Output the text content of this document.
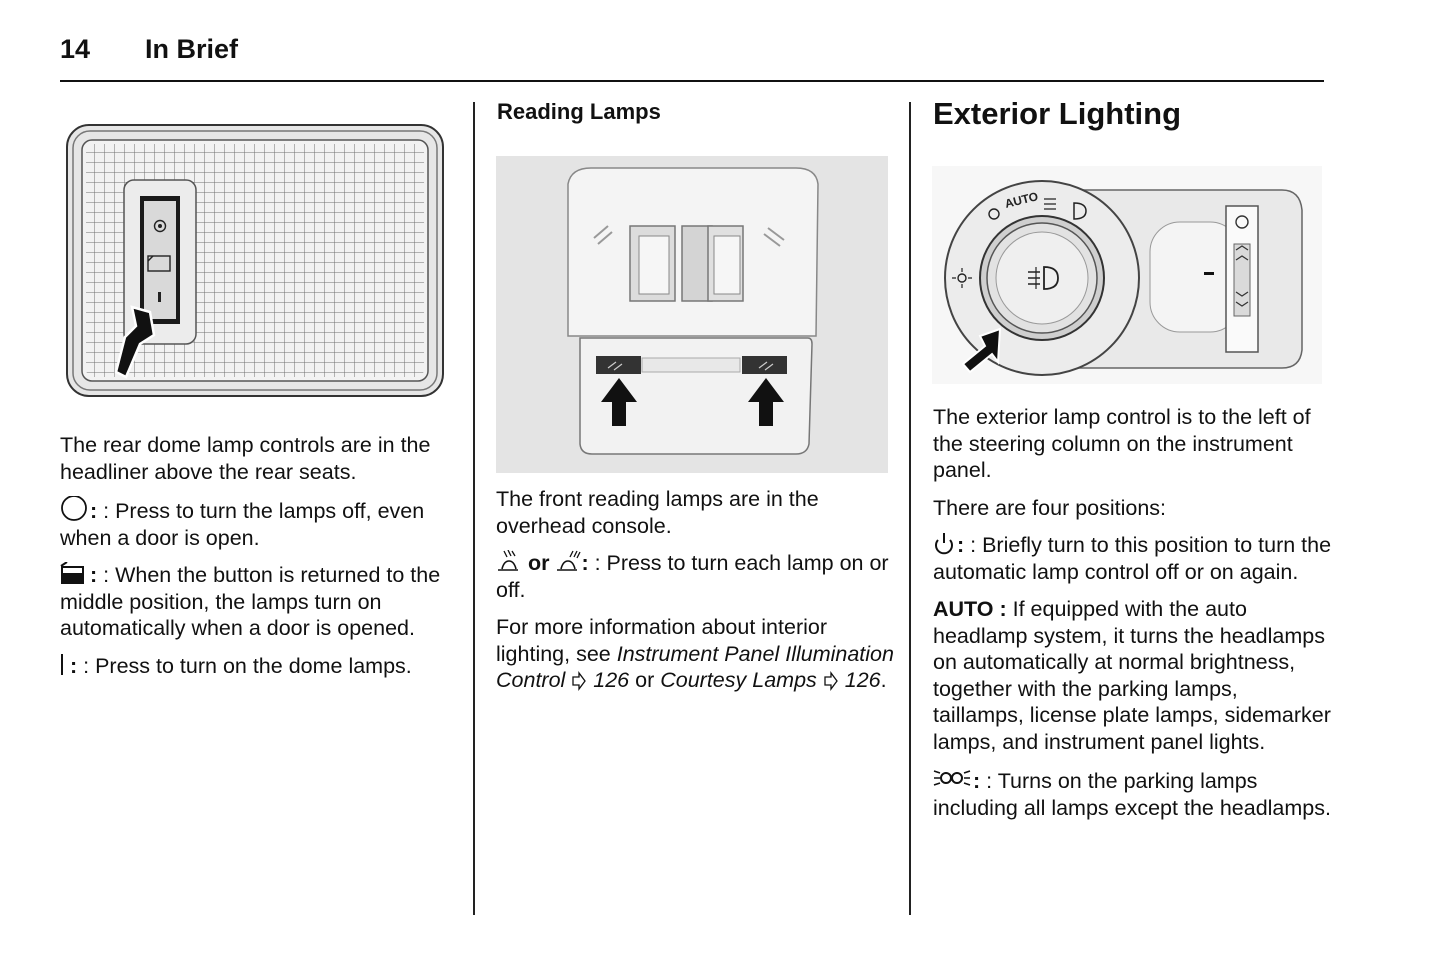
14 In Brief

The rear dome lamp controls are in the headliner above the rear seats.

: : Press to turn the lamps off, even when a door is open.

: : When the button is returned to the middle position, the lamps turn on automatically when a door is opened.

: : Press to turn on the dome lamps.

Reading Lamps

The front reading lamps are in the overhead console.

or : : Press to turn each lamp on or off.

For more information about interior lighting, see Instrument Panel Illumination Control  126 or Courtesy Lamps  126.

Exterior Lighting
AUTO

The exterior lamp control is to the left of the steering column on the instrument panel.

There are four positions:

: : Briefly turn to this position to turn the automatic lamp control off or on again.

AUTO : If equipped with the auto headlamp system, it turns the headlamps on automatically at normal brightness, together with the parking lamps, taillamps, license plate lamps, sidemarker lamps, and instrument panel lights.

: : Turns on the parking lamps including all lamps except the headlamps.
